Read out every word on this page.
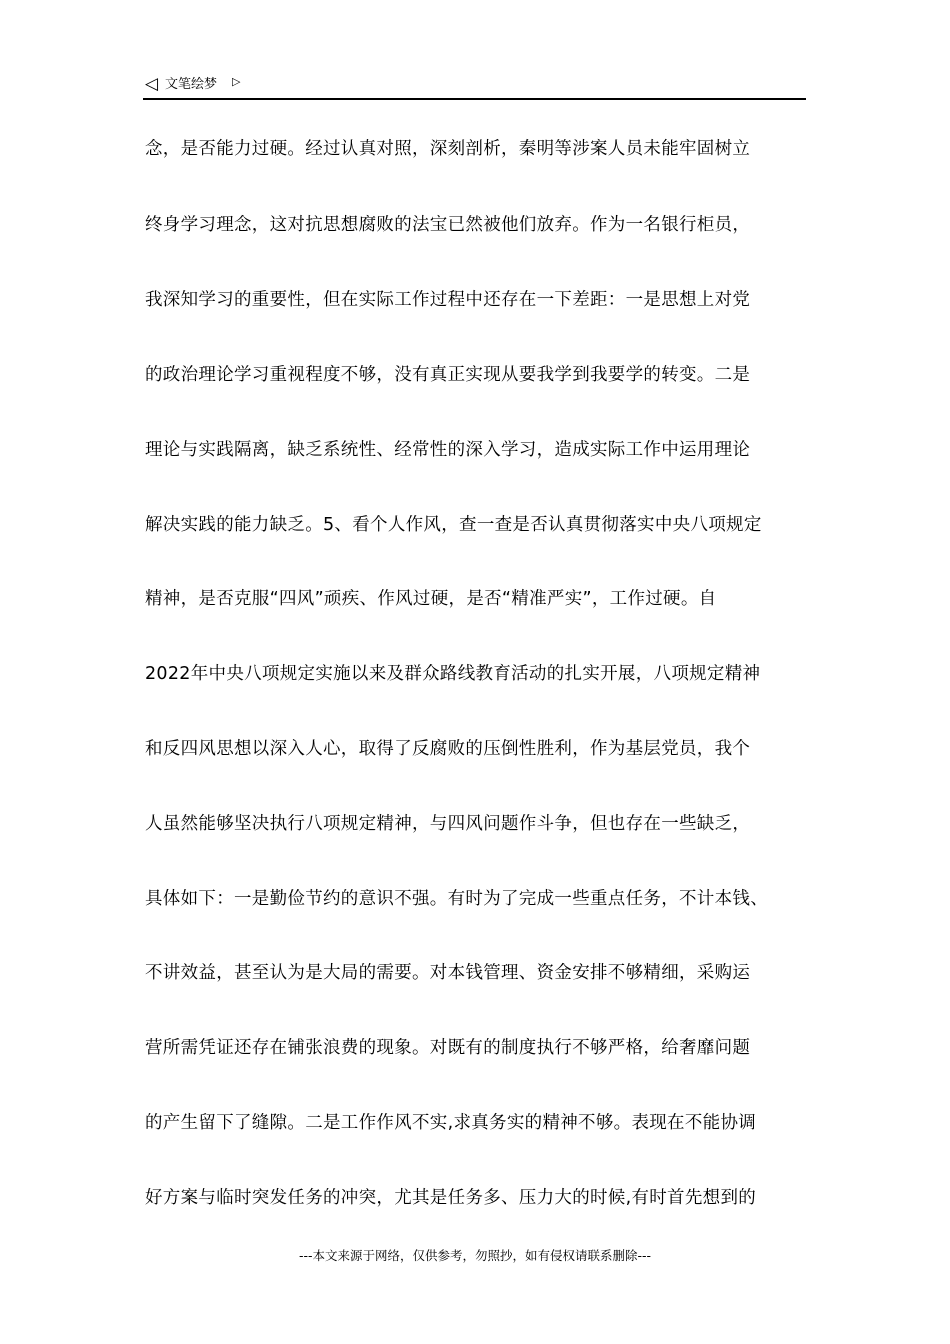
◁ 文笔绘梦 ▷
念，是否能力过硬。经过认真对照，深刻剖析，秦明等涉案人员未能牢固树立
终身学习理念，这对抗思想腐败的法宝已然被他们放弃。作为一名银行柜员，
我深知学习的重要性，但在实际工作过程中还存在一下差距：一是思想上对党
的政治理论学习重视程度不够，没有真正实现从要我学到我要学的转变。二是
理论与实践隔离，缺乏系统性、经常性的深入学习，造成实际工作中运用理论
解决实践的能力缺乏。5、看个人作风，查一查是否认真贯彻落实中央八项规定
精神，是否克服“四风”顽疾、作风过硬，是否“精准严实”，工作过硬。自
2022年中央八项规定实施以来及群众路线教育活动的扎实开展，八项规定精神
和反四风思想以深入人心，取得了反腐败的压倒性胜利，作为基层党员，我个
人虽然能够坚决执行八项规定精神，与四风问题作斗争，但也存在一些缺乏，
具体如下：一是勤俭节约的意识不强。有时为了完成一些重点任务，不计本钱、
不讲效益，甚至认为是大局的需要。对本钱管理、资金安排不够精细，采购运
营所需凭证还存在铺张浪费的现象。对既有的制度执行不够严格，给奢靡问题
的产生留下了缝隙。二是工作作风不实,求真务实的精神不够。表现在不能协调
好方案与临时突发任务的冲突，尤其是任务多、压力大的时候,有时首先想到的
---本文来源于网络，仅供参考，勿照抄，如有侵权请联系删除---
